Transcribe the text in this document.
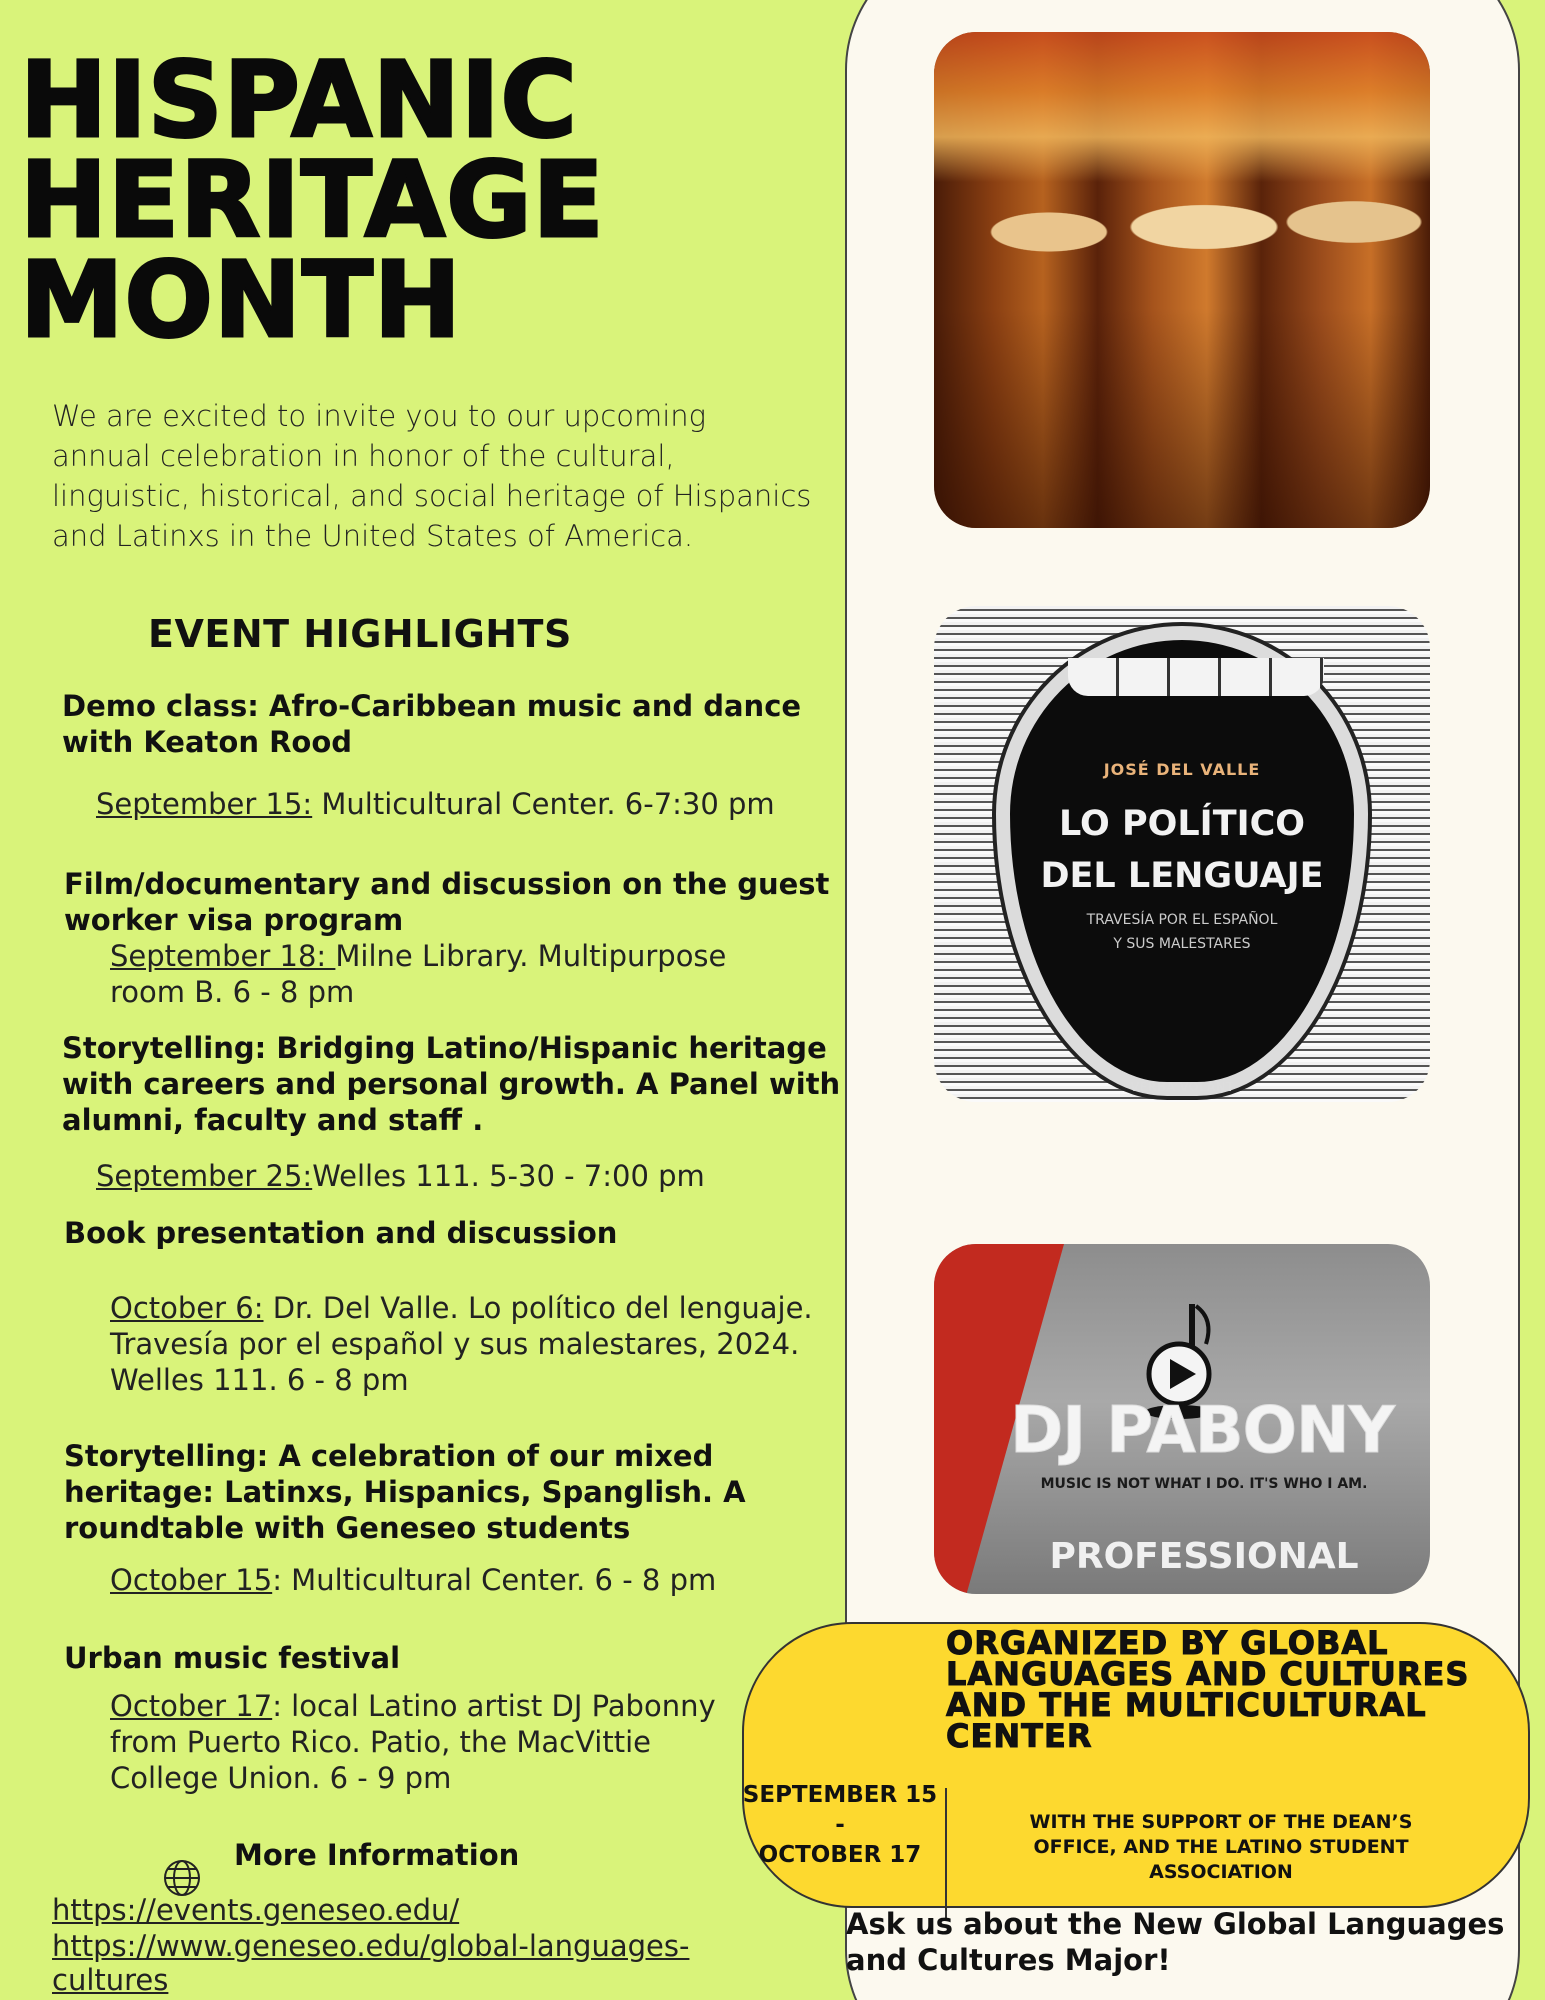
HISPANIC
HERITAGE
MONTH

We are excited to invite you to our upcoming annual celebration in honor of the cultural, linguistic, historical, and social heritage of Hispanics and Latinxs in the United States of America.

EVENT HIGHLIGHTS
Demo class: Afro-Caribbean music and dance with Keaton Rood
September 15: Multicultural Center. 6-7:30 pm
Film/documentary and discussion on the guest worker visa program
September 18: Milne Library. Multipurpose room B. 6 - 8 pm
Storytelling: Bridging Latino/Hispanic heritage with careers and personal growth. A Panel with alumni, faculty and staff .
September 25:Welles 111. 5-30 - 7:00 pm
Book presentation and discussion
October 6: Dr. Del Valle. Lo político del lenguaje. Travesía por el español y sus malestares, 2024. Welles 111. 6 - 8 pm
Storytelling: A celebration of our mixed heritage: Latinxs, Hispanics, Spanglish. A roundtable with Geneseo students
October 15: Multicultural Center. 6 - 8 pm
Urban music festival
October 17: local Latino artist DJ Pabonny from Puerto Rico. Patio, the MacVittie College Union. 6 - 9 pm
More Information
https://events.geneseo.edu/
https://www.geneseo.edu/global-languages-
cultures
JOSÉ DEL VALLE
LO POLÍTICO
DEL LENGUAJE
TRAVESÍA POR EL ESPAÑOL
Y SUS MALESTARES
VERBA VOLANT
DJ PABONY
MUSIC IS NOT WHAT I DO. IT'S WHO I AM.
PROFESSIONAL
ORGANIZED BY GLOBAL LANGUAGES AND CULTURES AND THE MULTICULTURAL CENTER
SEPTEMBER 15 -
OCTOBER 17
WITH THE SUPPORT OF THE DEAN’S OFFICE, AND THE LATINO STUDENT ASSOCIATION
Ask us about the New Global Languages and Cultures Major!
